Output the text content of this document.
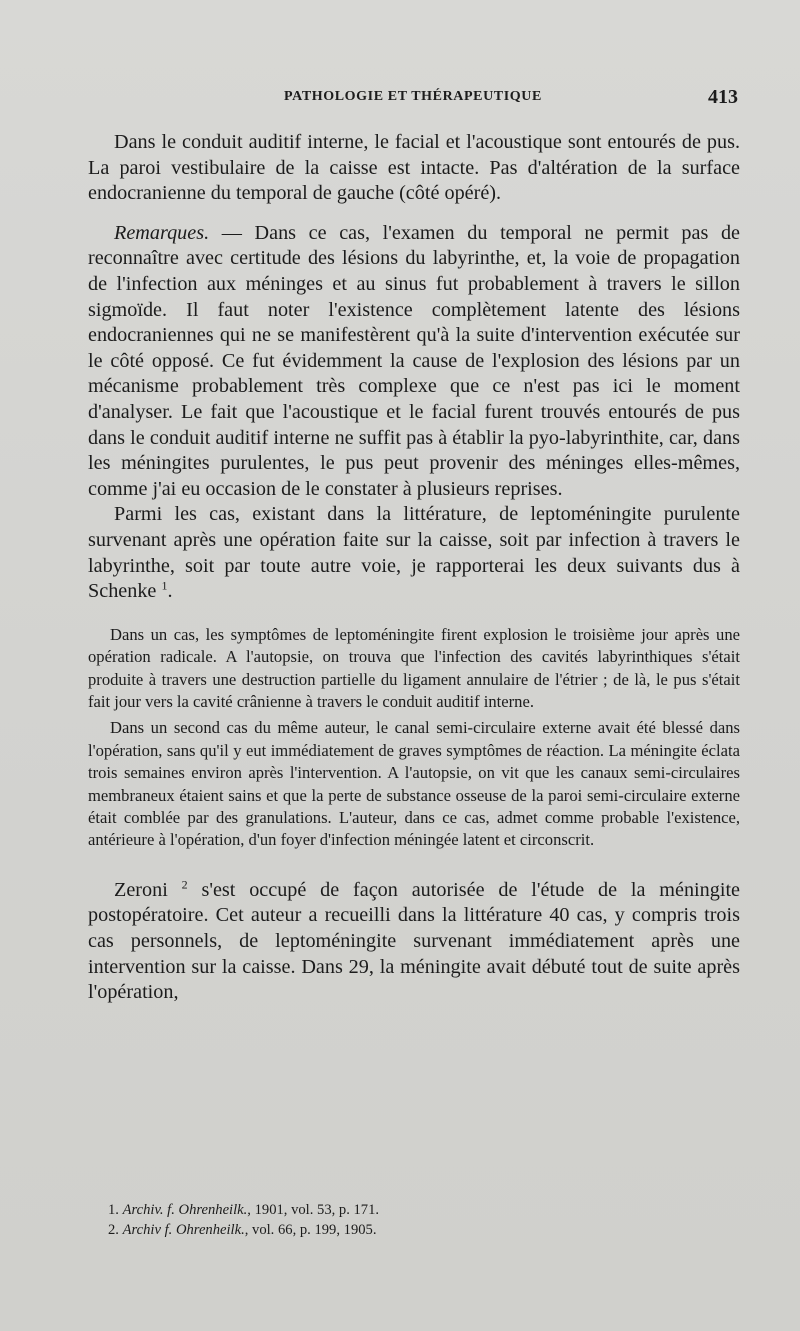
PATHOLOGIE ET THÉRAPEUTIQUE	413

Dans le conduit auditif interne, le facial et l'acoustique sont entourés de pus. La paroi vestibulaire de la caisse est intacte. Pas d'altération de la surface endocranienne du temporal de gauche (côté opéré).

Remarques. — Dans ce cas, l'examen du temporal ne permit pas de reconnaître avec certitude des lésions du labyrinthe, et, la voie de propagation de l'infection aux méninges et au sinus fut probablement à travers le sillon sigmoïde. Il faut noter l'existence complètement latente des lésions endocraniennes qui ne se manifestèrent qu'à la suite d'intervention exécutée sur le côté opposé. Ce fut évidemment la cause de l'explosion des lésions par un mécanisme probablement très complexe que ce n'est pas ici le moment d'analyser. Le fait que l'acoustique et le facial furent trouvés entourés de pus dans le conduit auditif interne ne suffit pas à établir la pyo-labyrinthite, car, dans les méningites purulentes, le pus peut provenir des méninges elles-mêmes, comme j'ai eu occasion de le constater à plusieurs reprises.

Parmi les cas, existant dans la littérature, de leptoméningite purulente survenant après une opération faite sur la caisse, soit par infection à travers le labyrinthe, soit par toute autre voie, je rapporterai les deux suivants dus à Schenke $^1$.

Dans un cas, les symptômes de leptoméningite firent explosion le troisième jour après une opération radicale. A l'autopsie, on trouva que l'infection des cavités labyrinthiques s'était produite à travers une destruction partielle du ligament annulaire de l'étrier ; de là, le pus s'était fait jour vers la cavité crânienne à travers le conduit auditif interne.

Dans un second cas du même auteur, le canal semi-circulaire externe avait été blessé dans l'opération, sans qu'il y eut immédiatement de graves symptômes de réaction. La méningite éclata trois semaines environ après l'intervention. A l'autopsie, on vit que les canaux semi-circulaires membraneux étaient sains et que la perte de substance osseuse de la paroi semi-circulaire externe était comblée par des granulations. L'auteur, dans ce cas, admet comme probable l'existence, antérieure à l'opération, d'un foyer d'infection méningée latent et circonscrit.

Zeroni $^2$ s'est occupé de façon autorisée de l'étude de la méningite postopératoire. Cet auteur a recueilli dans la littérature 40 cas, y compris trois cas personnels, de leptoméningite survenant immédiatement après une intervention sur la caisse. Dans 29, la méningite avait débuté tout de suite après l'opération,

1. Archiv. f. Ohrenheilk., 1901, vol. 53, p. 171.

2. Archiv f. Ohrenheilk., vol. 66, p. 199, 1905.
